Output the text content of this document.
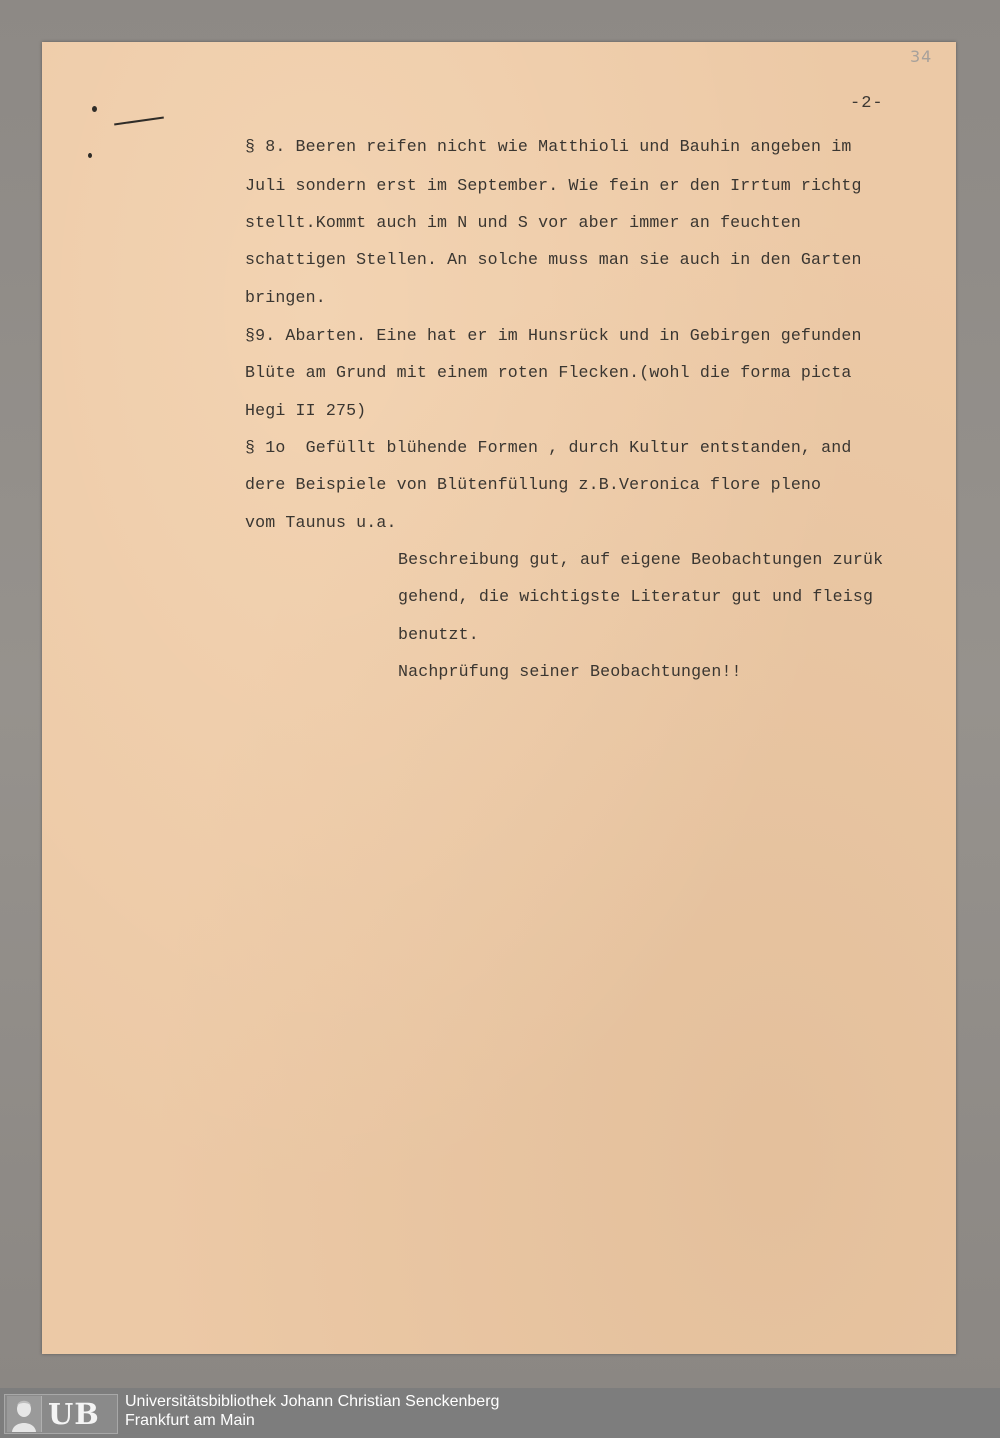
34
-2-
§ 8. Beeren reifen nicht wie Matthioli und Bauhin angeben im
Juli sondern erst im September. Wie fein er den Irrtum richtg
stellt.Kommt auch im N und S vor aber immer an feuchten
schattigen Stellen. An solche muss man sie auch in den Garten
bringen.
§9. Abarten. Eine hat er im Hunsrück und in Gebirgen gefunden
Blüte am Grund mit einem roten Flecken.(wohl die forma picta
Hegi II 275)
§ 1o  Gefüllt blühende Formen , durch Kultur entstanden, and
dere Beispiele von Blütenfüllung z.B.Veronica flore pleno
vom Taunus u.a.
Beschreibung gut, auf eigene Beobachtungen zurük
gehend, die wichtigste Literatur gut und fleisg
benutzt.
Nachprüfung seiner Beobachtungen!!
UB Universitätsbibliothek Johann Christian Senckenberg
Frankfurt am Main
